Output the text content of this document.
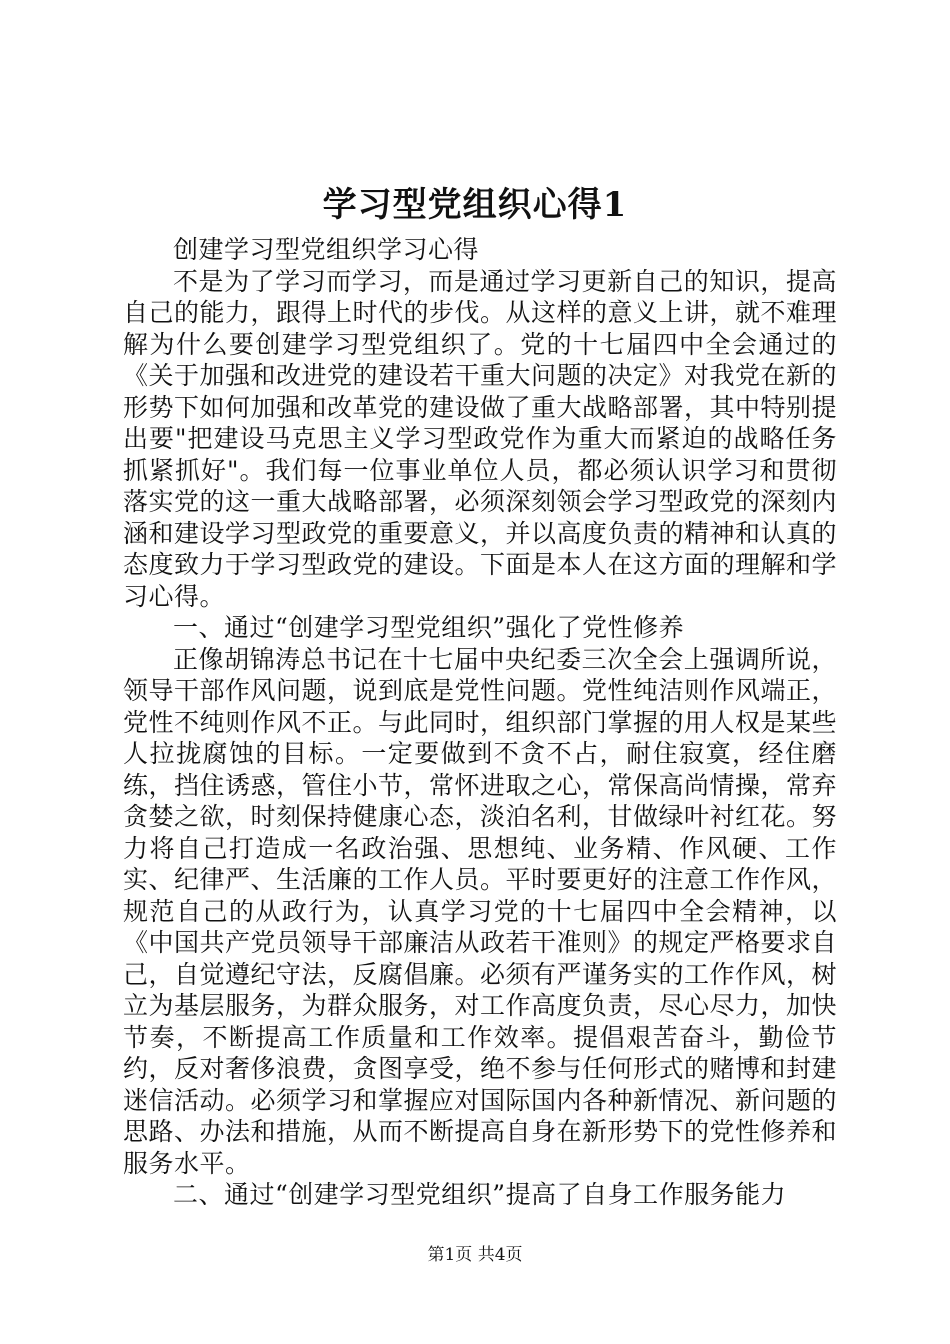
学习型党组织心得1

创建学习型党组织学习心得

不是为了学习而学习，而是通过学习更新自己的知识，提高自己的能力，跟得上时代的步伐。从这样的意义上讲，就不难理解为什么要创建学习型党组织了。党的十七届四中全会通过的《关于加强和改进党的建设若干重大问题的决定》对我党在新的形势下如何加强和改革党的建设做了重大战略部署，其中特别提出要"把建设马克思主义学习型政党作为重大而紧迫的战略任务抓紧抓好"。我们每一位事业单位人员，都必须认识学习和贯彻落实党的这一重大战略部署，必须深刻领会学习型政党的深刻内涵和建设学习型政党的重要意义，并以高度负责的精神和认真的态度致力于学习型政党的建设。下面是本人在这方面的理解和学习心得。

一、通过“创建学习型党组织”强化了党性修养

正像胡锦涛总书记在十七届中央纪委三次全会上强调所说，领导干部作风问题，说到底是党性问题。党性纯洁则作风端正，党性不纯则作风不正。与此同时，组织部门掌握的用人权是某些人拉拢腐蚀的目标。一定要做到不贪不占，耐住寂寞，经住磨练，挡住诱惑，管住小节，常怀进取之心，常保高尚情操，常弃贪婪之欲，时刻保持健康心态，淡泊名利，甘做绿叶衬红花。努力将自己打造成一名政治强、思想纯、业务精、作风硬、工作实、纪律严、生活廉的工作人员。平时要更好的注意工作作风，规范自己的从政行为，认真学习党的十七届四中全会精神，以《中国共产党员领导干部廉洁从政若干准则》的规定严格要求自己，自觉遵纪守法，反腐倡廉。必须有严谨务实的工作作风，树立为基层服务，为群众服务，对工作高度负责，尽心尽力，加快节奏，不断提高工作质量和工作效率。提倡艰苦奋斗，勤俭节约，反对奢侈浪费，贪图享受，绝不参与任何形式的赌博和封建迷信活动。必须学习和掌握应对国际国内各种新情况、新问题的思路、办法和措施，从而不断提高自身在新形势下的党性修养和服务水平。

二、通过“创建学习型党组织”提高了自身工作服务能力

第1页 共4页
